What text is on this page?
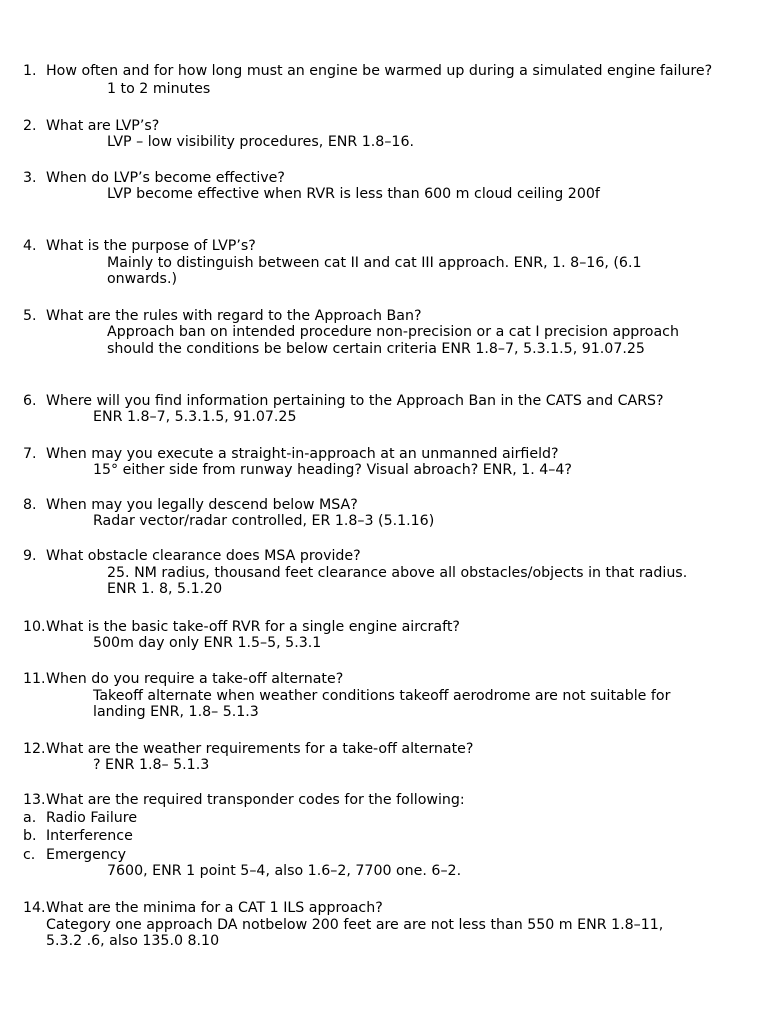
1. How often and for how long must an engine be warmed up during a simulated engine failure?
1 to 2 minutes
2. What are LVP’s?
LVP – low visibility procedures, ENR 1.8–16.
3. When do LVP’s become effective?
LVP become effective when RVR is less than 600 m cloud ceiling 200f
4. What is the purpose of LVP’s?
Mainly to distinguish between cat II and cat III approach. ENR, 1. 8–16, (6.1
onwards.)
5. What are the rules with regard to the Approach Ban?
Approach ban on intended procedure non-precision or a cat I precision approach
should the conditions be below certain criteria ENR 1.8–7, 5.3.1.5, 91.07.25
6. Where will you find information pertaining to the Approach Ban in the CATS and CARS?
ENR 1.8–7, 5.3.1.5, 91.07.25
7. When may you execute a straight-in-approach at an unmanned airfield?
15° either side from runway heading? Visual abroach? ENR, 1. 4–4?
8. When may you legally descend below MSA?
Radar vector/radar controlled, ER 1.8–3 (5.1.16)
9. What obstacle clearance does MSA provide?
25. NM radius, thousand feet clearance above all obstacles/objects in that radius.
ENR 1. 8, 5.1.20
10. What is the basic take-off RVR for a single engine aircraft?
500m day only ENR 1.5–5, 5.3.1
11. When do you require a take-off alternate?
Takeoff alternate when weather conditions takeoff aerodrome are not suitable for
landing ENR, 1.8– 5.1.3
12. What are the weather requirements for a take-off alternate?
? ENR 1.8– 5.1.3
13. What are the required transponder codes for the following:
a. Radio Failure
b. Interference
c. Emergency
7600, ENR 1 point 5–4, also 1.6–2, 7700 one. 6–2.
14. What are the minima for a CAT 1 ILS approach?
Category one approach DA notbelow 200 feet are are not less than 550 m ENR 1.8–11,
5.3.2 .6, also 135.0 8.10
